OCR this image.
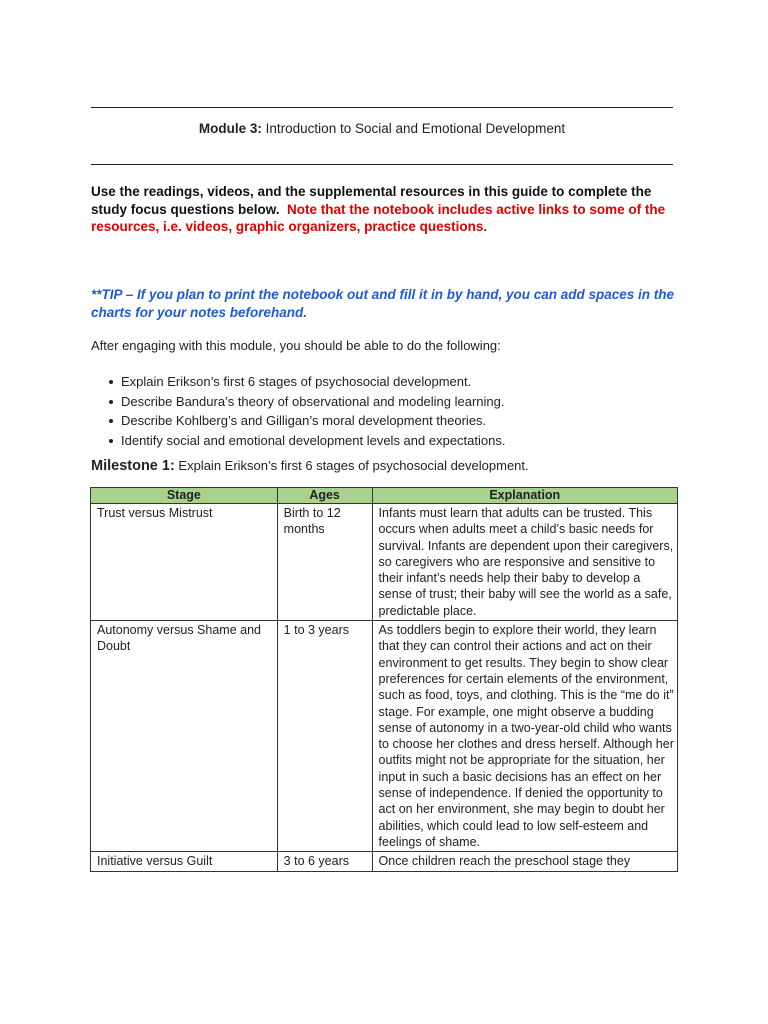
Module 3: Introduction to Social and Emotional Development
Use the readings, videos, and the supplemental resources in this guide to complete the study focus questions below. Note that the notebook includes active links to some of the resources, i.e. videos, graphic organizers, practice questions.
**TIP – If you plan to print the notebook out and fill it in by hand, you can add spaces in the charts for your notes beforehand.
After engaging with this module, you should be able to do the following:
Explain Erikson’s first 6 stages of psychosocial development.
Describe Bandura’s theory of observational and modeling learning.
Describe Kohlberg’s and Gilligan’s moral development theories.
Identify social and emotional development levels and expectations.
Milestone 1: Explain Erikson’s first 6 stages of psychosocial development.
Stage	Ages	Explanation
Trust versus Mistrust	Birth to 12 months	Infants must learn that adults can be trusted. This occurs when adults meet a child’s basic needs for survival. Infants are dependent upon their caregivers, so caregivers who are responsive and sensitive to their infant’s needs help their baby to develop a sense of trust; their baby will see the world as a safe, predictable place.
Autonomy versus Shame and Doubt	1 to 3 years	As toddlers begin to explore their world, they learn that they can control their actions and act on their environment to get results. They begin to show clear preferences for certain elements of the environment, such as food, toys, and clothing. This is the “me do it” stage. For example, one might observe a budding sense of autonomy in a two-year-old child who wants to choose her clothes and dress herself. Although her outfits might not be appropriate for the situation, her input in such a basic decisions has an effect on her sense of independence. If denied the opportunity to act on her environment, she may begin to doubt her abilities, which could lead to low self-esteem and feelings of shame.
Initiative versus Guilt	3 to 6 years	Once children reach the preschool stage they
